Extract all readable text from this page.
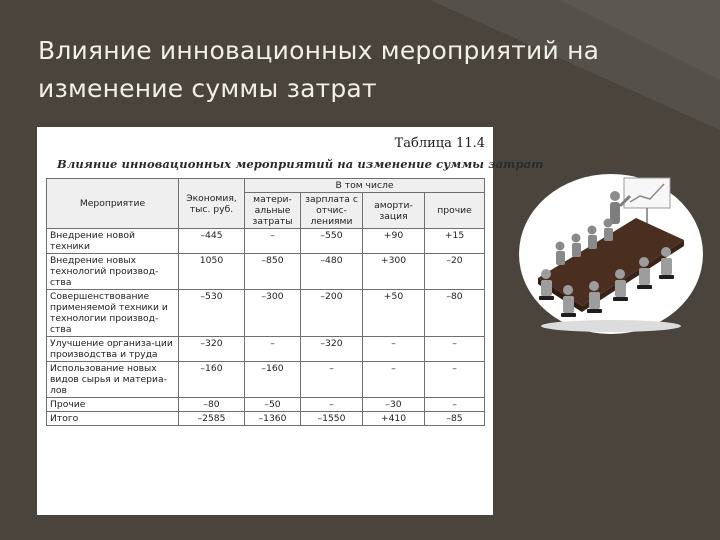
Влияние инновационных мероприятий на изменение суммы затрат
Таблица 11.4
Влияние инновационных мероприятий на изменение суммы затрат
Мероприятие	Экономия, тыс. руб.	В том числе			
		матери-альные затраты	зарплата с отчис-лениями	аморти-зация	прочие
Внедрение новой техники	–445	–	–550	+90	+15
Внедрение новых технологий производ-ства	1050	–850	–480	+300	–20
Совершенствование применяемой техники и технологии производ-ства	–530	–300	–200	+50	–80
Улучшение организа-ции производства и труда	–320	–	–320	–	–
Использование новых видов сырья и материа-лов	–160	–160	–	–	–
Прочие	–80	–50	–	–30	–
Итого	–2585	–1360	–1550	+410	–85
